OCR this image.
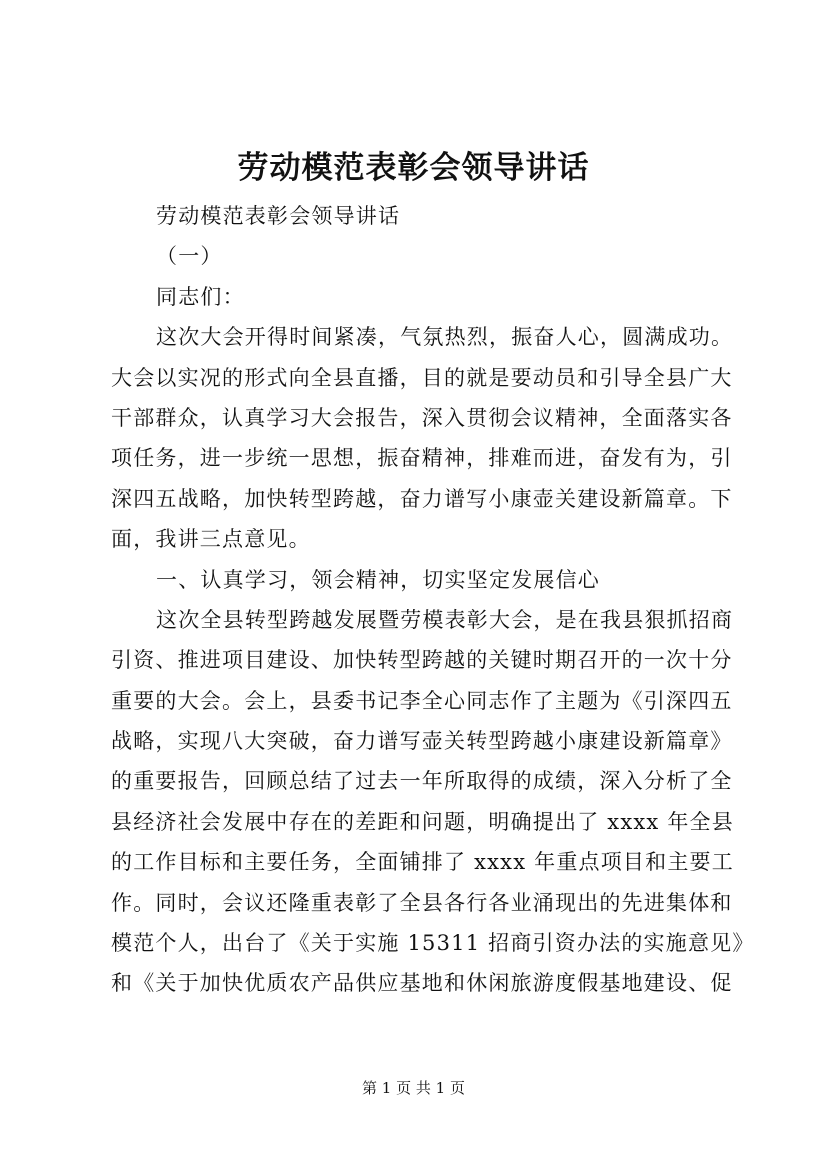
劳动模范表彰会领导讲话
劳动模范表彰会领导讲话
（一）
同志们：
这次大会开得时间紧凑，气氛热烈，振奋人心，圆满成功。
大会以实况的形式向全县直播，目的就是要动员和引导全县广大
干部群众，认真学习大会报告，深入贯彻会议精神，全面落实各
项任务，进一步统一思想，振奋精神，排难而进，奋发有为，引
深四五战略，加快转型跨越，奋力谱写小康壶关建设新篇章。下
面，我讲三点意见。
一、认真学习，领会精神，切实坚定发展信心
这次全县转型跨越发展暨劳模表彰大会，是在我县狠抓招商
引资、推进项目建设、加快转型跨越的关键时期召开的一次十分
重要的大会。会上，县委书记李全心同志作了主题为《引深四五
战略，实现八大突破，奋力谱写壶关转型跨越小康建设新篇章》
的重要报告，回顾总结了过去一年所取得的成绩，深入分析了全
县经济社会发展中存在的差距和问题，明确提出了 xxxx 年全县
的工作目标和主要任务，全面铺排了 xxxx 年重点项目和主要工
作。同时，会议还隆重表彰了全县各行各业涌现出的先进集体和
模范个人，出台了《关于实施 15311 招商引资办法的实施意见》
和《关于加快优质农产品供应基地和休闲旅游度假基地建设、促
第 1 页 共 1 页
